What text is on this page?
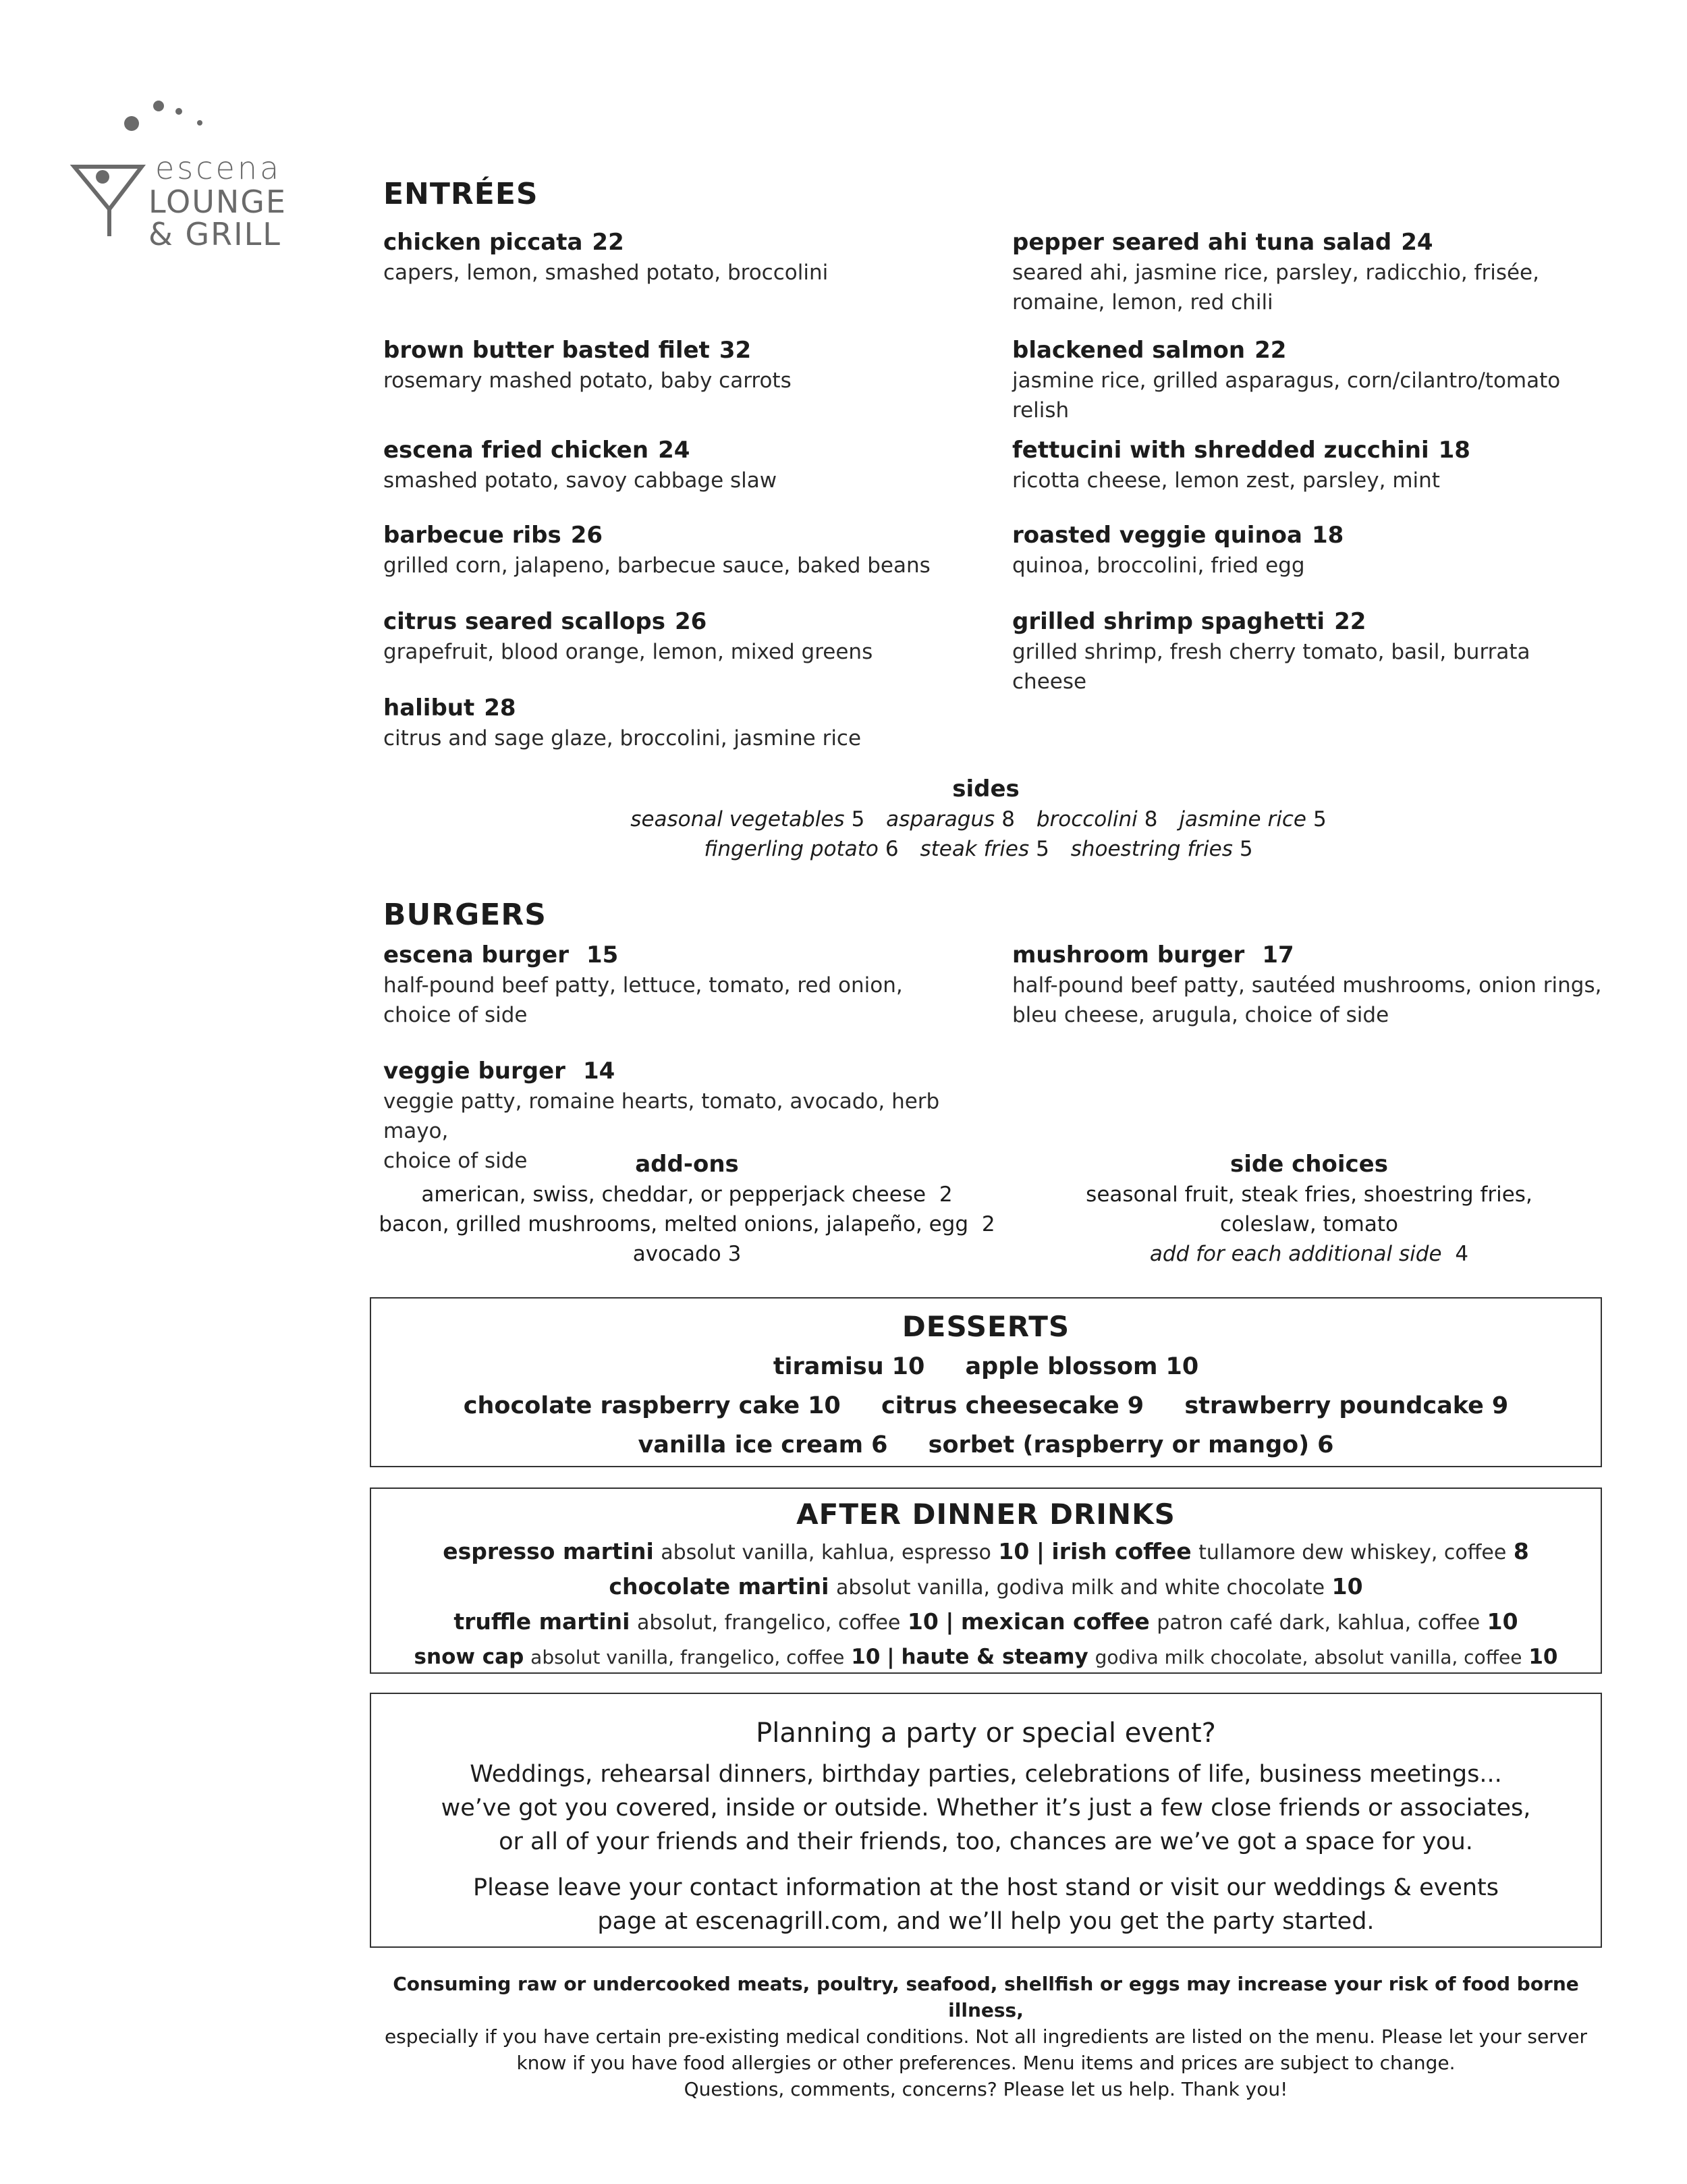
escena
LOUNGE
& GRILL
ENTRÉES
chicken piccata 22
capers, lemon, smashed potato, broccolini
brown butter basted filet 32
rosemary mashed potato, baby carrots
escena fried chicken 24
smashed potato, savoy cabbage slaw
barbecue ribs 26
grilled corn, jalapeno, barbecue sauce, baked beans
citrus seared scallops 26
grapefruit, blood orange, lemon, mixed greens
halibut 28
citrus and sage glaze, broccolini, jasmine rice
pepper seared ahi tuna salad 24
seared ahi, jasmine rice, parsley, radicchio, frisée, romaine, lemon, red chili
blackened salmon 22
jasmine rice, grilled asparagus, corn/cilantro/tomato relish
fettucini with shredded zucchini 18
ricotta cheese, lemon zest, parsley, mint
roasted veggie quinoa 18
quinoa, broccolini, fried egg
grilled shrimp spaghetti 22
grilled shrimp, fresh cherry tomato, basil, burrata cheese
sides
seasonal vegetables 5 asparagus 8 broccolini 8 jasmine rice 5
fingerling potato 6 steak fries 5 shoestring fries 5
BURGERS
escena burger 15
half-pound beef patty, lettuce, tomato, red onion,
choice of side
mushroom burger 17
half-pound beef patty, sautéed mushrooms, onion rings,
bleu cheese, arugula, choice of side
veggie burger 14
veggie patty, romaine hearts, tomato, avocado, herb mayo,
choice of side	add-ons
american, swiss, cheddar, or pepperjack cheese 2
bacon, grilled mushrooms, melted onions, jalapeño, egg 2
avocado 3
side choices
seasonal fruit, steak fries, shoestring fries,
coleslaw, tomato
add for each additional side 4
DESSERTS
tiramisu 10 apple blossom 10
chocolate raspberry cake 10 citrus cheesecake 9 strawberry poundcake 9
vanilla ice cream 6 sorbet (raspberry or mango) 6
AFTER DINNER DRINKS
espresso martini absolut vanilla, kahlua, espresso 10 | irish coffee tullamore dew whiskey, coffee 8
chocolate martini absolut vanilla, godiva milk and white chocolate 10
truffle martini absolut, frangelico, coffee 10 | mexican coffee patron café dark, kahlua, coffee 10
snow cap absolut vanilla, frangelico, coffee 10 | haute & steamy godiva milk chocolate, absolut vanilla, coffee 10
Planning a party or special event?
Weddings, rehearsal dinners, birthday parties, celebrations of life, business meetings...
we’ve got you covered, inside or outside. Whether it’s just a few close friends or associates,
or all of your friends and their friends, too, chances are we’ve got a space for you.
Please leave your contact information at the host stand or visit our weddings & events
page at escenagrill.com, and we’ll help you get the party started.
Consuming raw or undercooked meats, poultry, seafood, shellfish or eggs may increase your risk of food borne illness,
especially if you have certain pre-existing medical conditions. Not all ingredients are listed on the menu. Please let your server
know if you have food allergies or other preferences. Menu items and prices are subject to change.
Questions, comments, concerns? Please let us help. Thank you!
